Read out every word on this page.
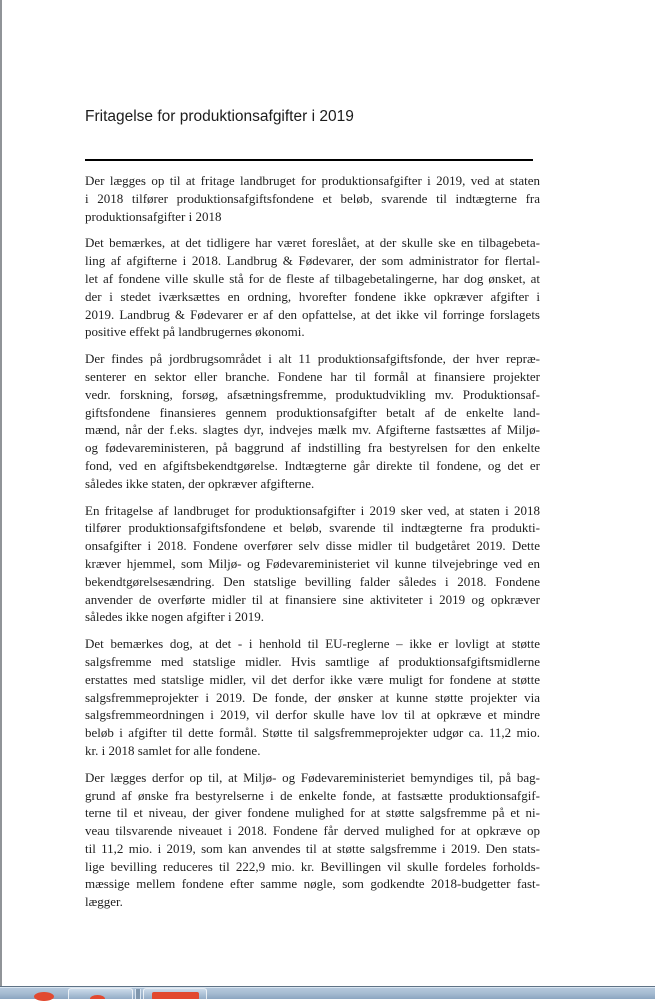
Fritagelse for produktionsafgifter i 2019
Der lægges op til at fritage landbruget for produktionsafgifter i 2019, ved at staten
i 2018 tilfører produktionsafgiftsfondene et beløb, svarende til indtægterne fra
produktionsafgifter i 2018
Det bemærkes, at det tidligere har været foreslået, at der skulle ske en tilbagebeta-
ling af afgifterne i 2018. Landbrug & Fødevarer, der som administrator for flertal-
let af fondene ville skulle stå for de fleste af tilbagebetalingerne, har dog ønsket, at
der i stedet iværksættes en ordning, hvorefter fondene ikke opkræver afgifter i
2019. Landbrug & Fødevarer er af den opfattelse, at det ikke vil forringe forslagets
positive effekt på landbrugernes økonomi.
Der findes på jordbrugsområdet i alt 11 produktionsafgiftsfonde, der hver repræ-
senterer en sektor eller branche. Fondene har til formål at finansiere projekter
vedr. forskning, forsøg, afsætningsfremme, produktudvikling mv. Produktionsaf-
giftsfondene finansieres gennem produktionsafgifter betalt af de enkelte land-
mænd, når der f.eks. slagtes dyr, indvejes mælk mv. Afgifterne fastsættes af Miljø-
og fødevareministeren, på baggrund af indstilling fra bestyrelsen for den enkelte
fond, ved en afgiftsbekendtgørelse. Indtægterne går direkte til fondene, og det er
således ikke staten, der opkræver afgifterne.
En fritagelse af landbruget for produktionsafgifter i 2019 sker ved, at staten i 2018
tilfører produktionsafgiftsfondene et beløb, svarende til indtægterne fra produkti-
onsafgifter i 2018. Fondene overfører selv disse midler til budgetåret 2019. Dette
kræver hjemmel, som Miljø- og Fødevareministeriet vil kunne tilvejebringe ved en
bekendtgørelsesændring. Den statslige bevilling falder således i 2018. Fondene
anvender de overførte midler til at finansiere sine aktiviteter i 2019 og opkræver
således ikke nogen afgifter i 2019.
Det bemærkes dog, at det - i henhold til EU-reglerne – ikke er lovligt at støtte
salgsfremme med statslige midler. Hvis samtlige af produktionsafgiftsmidlerne
erstattes med statslige midler, vil det derfor ikke være muligt for fondene at støtte
salgsfremmeprojekter i 2019. De fonde, der ønsker at kunne støtte projekter via
salgsfremmeordningen i 2019, vil derfor skulle have lov til at opkræve et mindre
beløb i afgifter til dette formål. Støtte til salgsfremmeprojekter udgør ca. 11,2 mio.
kr. i 2018 samlet for alle fondene.
Der lægges derfor op til, at Miljø- og Fødevareministeriet bemyndiges til, på bag-
grund af ønske fra bestyrelserne i de enkelte fonde, at fastsætte produktionsafgif-
terne til et niveau, der giver fondene mulighed for at støtte salgsfremme på et ni-
veau tilsvarende niveauet i 2018. Fondene får derved mulighed for at opkræve op
til 11,2 mio. i 2019, som kan anvendes til at støtte salgsfremme i 2019. Den stats-
lige bevilling reduceres til 222,9 mio. kr. Bevillingen vil skulle fordeles forholds-
mæssige mellem fondene efter samme nøgle, som godkendte 2018-budgetter fast-
lægger.
